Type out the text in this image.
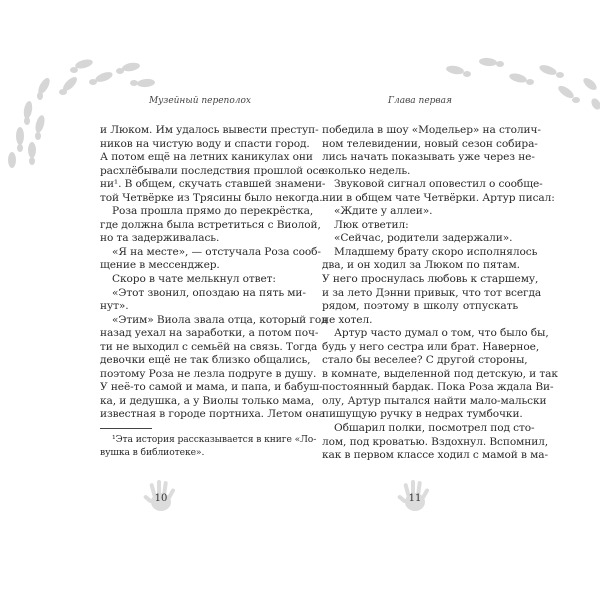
Музейный переполох	Глава первая
и Люком. Им удалось вывести преступ-
ников на чистую воду и спасти город.
А потом ещё на летних каникулах они
расхлёбывали последствия прошлой осе-
ни¹. В общем, скучать ставшей знамени-
той Четвёрке из Трясины было некогда.
Роза прошла прямо до перекрёстка,
где должна была встретиться с Виолой,
но та задерживалась.
«Я на месте», — отстучала Роза сооб-
щение в мессенджер.
Скоро в чате мелькнул ответ:
«Этот звонил, опоздаю на пять ми-
нут».
«Этим» Виола звала отца, который год
назад уехал на заработки, а потом поч-
ти не выходил с семьёй на связь. Тогда
девочки ещё не так близко общались,
поэтому Роза не лезла подруге в душу.
У неё-то самой и мама, и папа, и бабуш-
ка, и дедушка, а у Виолы только мама,
известная в городе портниха. Летом она
¹Эта история рассказывается в книге «Ло-
вушка в библиотеке».
победила в шоу «Модельер» на столич-
ном телевидении, новый сезон собира-
лись начать показывать уже через не-
сколько недель.
Звуковой сигнал оповестил о сообще-
нии в общем чате Четвёрки. Артур писал:
«Ждите у аллеи».
Люк ответил:
«Сейчас, родители задержали».
Младшему брату скоро исполнялось
два, и он ходил за Люком по пятам.
У него проснулась любовь к старшему,
и за лето Дэнни привык, что тот всегда
рядом, поэтому в школу отпускать
не хотел.
Артур часто думал о том, что было бы,
будь у него сестра или брат. Наверное,
стало бы веселее? С другой стороны,
в комнате, выделенной под детскую, и так
постоянный бардак. Пока Роза ждала Ви-
олу, Артур пытался найти мало-мальски
пишущую ручку в недрах тумбочки.
Обшарил полки, посмотрел под сто-
лом, под кроватью. Вздохнул. Вспомнил,
как в первом классе ходил с мамой в ма-
10	11
